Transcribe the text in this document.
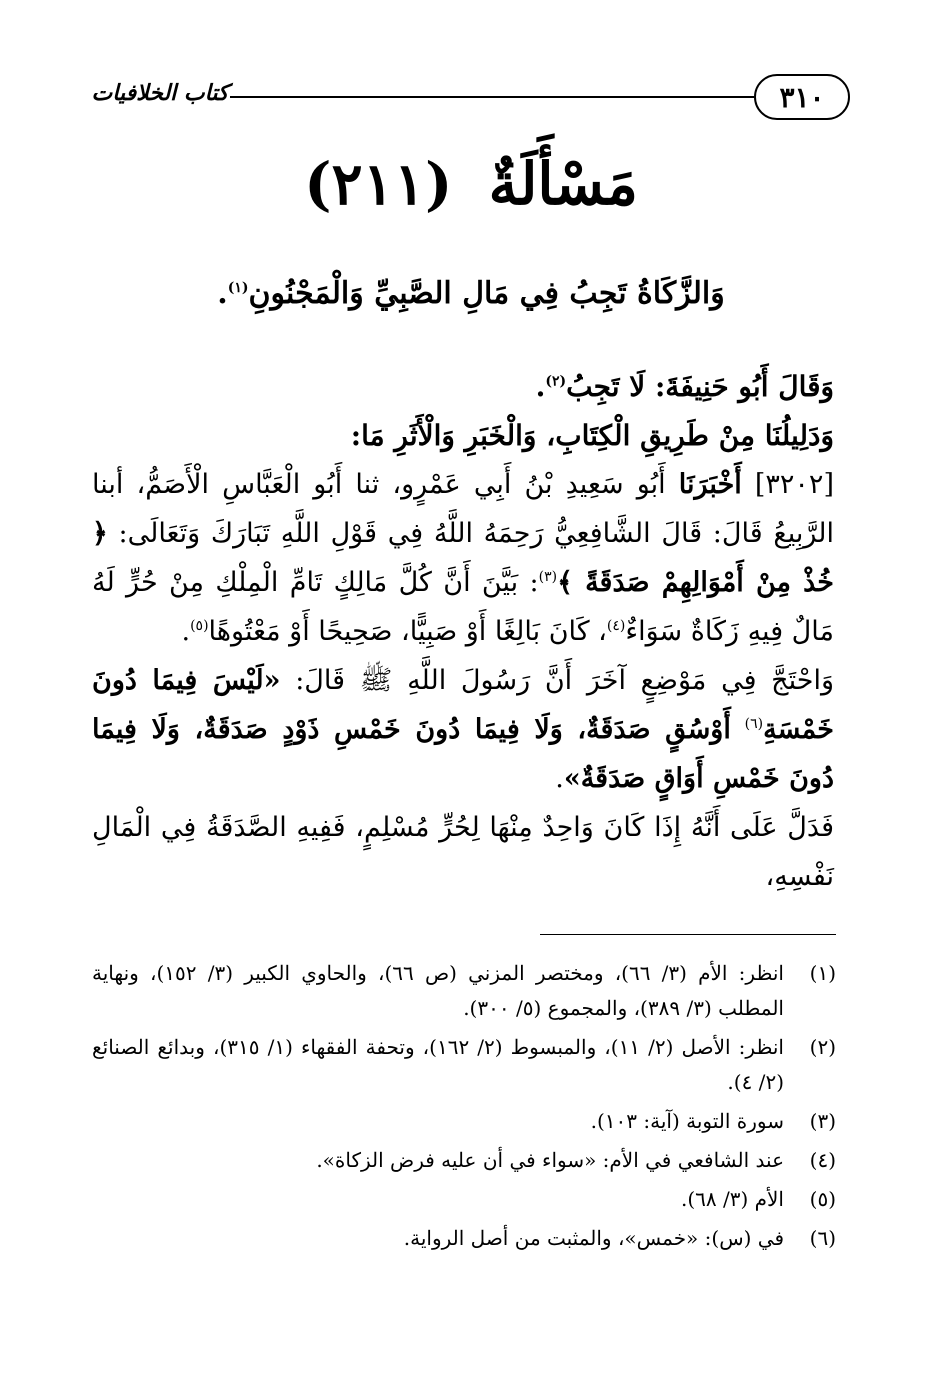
٣١٠
كتاب الخلافيات
مَسْأَلَةٌ (٢١١)
وَالزَّكَاةُ تَجِبُ فِي مَالِ الصَّبِيِّ وَالْمَجْنُونِ$^{(١)}$.

وَقَالَ أَبُو حَنِيفَةَ: لَا تَجِبُ$^{(٢)}$.

وَدَلِيلُنَا مِنْ طَرِيقِ الْكِتَابِ، وَالْخَبَرِ وَالْأَثَرِ مَا:

[٣٢٠٢] أَخْبَرَنَا أَبُو سَعِيدِ بْنُ أَبِي عَمْرٍو، ثنا أَبُو الْعَبَّاسِ الْأَصَمُّ، أبنا الرَّبِيعُ قَالَ: قَالَ الشَّافِعِيُّ رَحِمَهُ اللَّهُ فِي قَوْلِ اللَّهِ تَبَارَكَ وَتَعَالَى: ﴿ خُذْ مِنْ أَمْوَالِهِمْ صَدَقَةً ﴾$^{(٣)}$: بَيَّنَ أَنَّ كُلَّ مَالِكٍ تَامِّ الْمِلْكِ مِنْ حُرٍّ لَهُ مَالٌ فِيهِ زَكَاةٌ سَوَاءٌ$^{(٤)}$، كَانَ بَالِغًا أَوْ صَبِيًّا، صَحِيحًا أَوْ مَعْتُوهًا$^{(٥)}$.

وَاحْتَجَّ فِي مَوْضِعٍ آخَرَ أَنَّ رَسُولَ اللَّهِ ﷺ قَالَ: «لَيْسَ فِيمَا دُونَ خَمْسَةِ$^{(٦)}$ أَوْسُقٍ صَدَقَةٌ، وَلَا فِيمَا دُونَ خَمْسِ ذَوْدٍ صَدَقَةٌ، وَلَا فِيمَا دُونَ خَمْسِ أَوَاقٍ صَدَقَةٌ».

فَدَلَّ عَلَى أَنَّهُ إِذَا كَانَ وَاحِدٌ مِنْهَا لِحُرٍّ مُسْلِمٍ، فَفِيهِ الصَّدَقَةُ فِي الْمَالِ نَفْسِهِ،

(١)
انظر: الأم (٣/ ٦٦)، ومختصر المزني (ص ٦٦)، والحاوي الكبير (٣/ ١٥٢)، ونهاية المطلب (٣/ ٣٨٩)، والمجموع (٥/ ٣٠٠).
(٢)
انظر: الأصل (٢/ ١١)، والمبسوط (٢/ ١٦٢)، وتحفة الفقهاء (١/ ٣١٥)، وبدائع الصنائع (٢/ ٤).
(٣)
سورة التوبة (آية: ١٠٣).
(٤)
عند الشافعي في الأم: «سواء في أن عليه فرض الزكاة».
(٥)
الأم (٣/ ٦٨).
(٦)
في (س): «خمس»، والمثبت من أصل الرواية.
